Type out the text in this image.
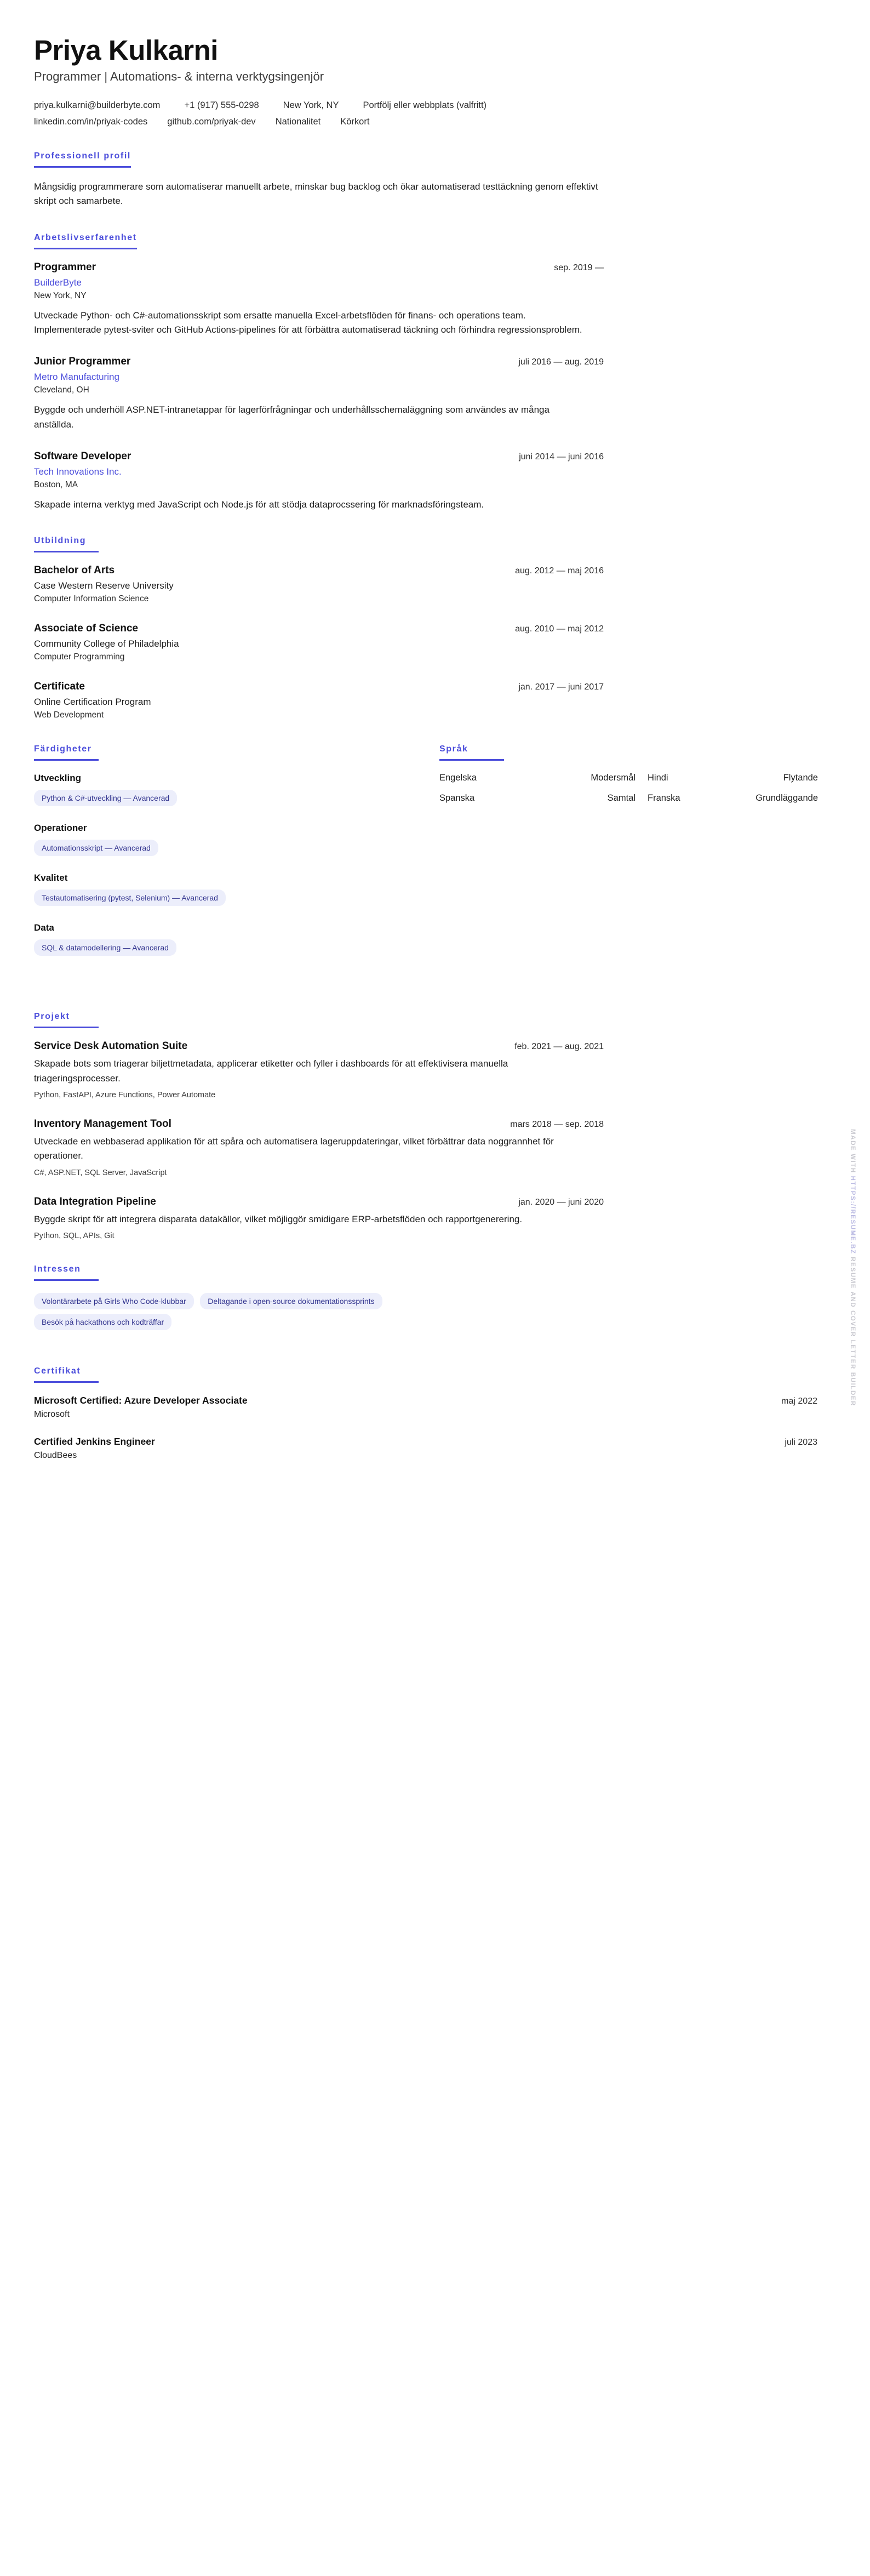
Priya Kulkarni
Programmer | Automations- & interna verktygsingenjör
priya.kulkarni@builderbyte.com	+1 (917) 555-0298	New York, NY	Portfölj eller webbplats (valfritt)
linkedin.com/in/priyak-codes github.com/priyak-dev Nationalitet Körkort
Professionell profil
Mångsidig programmerare som automatiserar manuellt arbete, minskar bug backlog och ökar automatiserad testtäckning genom effektivt skript och samarbete.
Arbetslivserfarenhet
Programmer	sep. 2019 —
BuilderByte
New York, NY
Utveckade Python- och C#-automationsskript som ersatte manuella Excel-arbetsflöden för finans- och operations team. Implementerade pytest-sviter och GitHub Actions-pipelines för att förbättra automatiserad täckning och förhindra regressionsproblem.
Junior Programmer	juli 2016 — aug. 2019
Metro Manufacturing
Cleveland, OH
Byggde och underhöll ASP.NET-intranetappar för lagerförfrågningar och underhållsschemaläggning som användes av många anställda.
Software Developer	juni 2014 — juni 2016
Tech Innovations Inc.
Boston, MA
Skapade interna verktyg med JavaScript och Node.js för att stödja dataprocssering för marknadsföringsteam.
Utbildning
Bachelor of Arts	aug. 2012 — maj 2016
Case Western Reserve University
Computer Information Science
Associate of Science	aug. 2010 — maj 2012
Community College of Philadelphia
Computer Programming
Certificate	jan. 2017 — juni 2017
Online Certification Program
Web Development
Färdigheter
Utveckling
Python & C#-utveckling — Avancerad
Operationer
Automationsskript — Avancerad
Kvalitet
Testautomatisering (pytest, Selenium) — Avancerad
Data
SQL & datamodellering — Avancerad
Språk
Engelska	Modersmål	Hindi	Flytande
Spanska	Samtal	Franska	Grundläggande
Projekt
Service Desk Automation Suite	feb. 2021 — aug. 2021
Skapade bots som triagerar biljettmetadata, applicerar etiketter och fyller i dashboards för att effektivisera manuella triageringsprocesser.
Python, FastAPI, Azure Functions, Power Automate
Inventory Management Tool	mars 2018 — sep. 2018
Utveckade en webbaserad applikation för att spåra och automatisera lageruppdateringar, vilket förbättrar data noggrannhet för operationer.
C#, ASP.NET, SQL Server, JavaScript
Data Integration Pipeline	jan. 2020 — juni 2020
Byggde skript för att integrera disparata datakällor, vilket möjliggör smidigare ERP-arbetsflöden och rapportgenerering.
Python, SQL, APIs, Git
Intressen
Volontärarbete på Girls Who Code-klubbar	Deltagande i open-source dokumentationssprints
Besök på hackathons och kodträffar
Certifikat
Microsoft Certified: Azure Developer Associate	maj 2022
Microsoft
Certified Jenkins Engineer	juli 2023
CloudBees
MADE WITH HTTPS://RESUME.BZ RESUME AND COVER LETTER BUILDER
